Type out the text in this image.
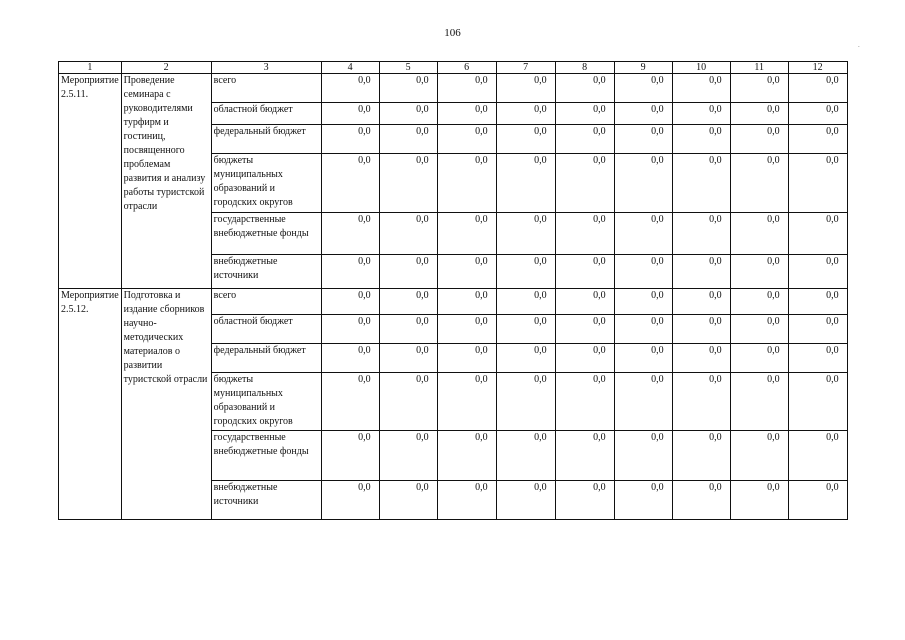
106
.
1	2	3	4	5	6	7	8	9	10	11	12
Мероприятие 2.5.11.	Проведение семинара с руководителями турфирм и гостиниц, посвященного проблемам развития и анализу работы туристской отрасли	всего	0,0	0,0	0,0	0,0	0,0	0,0	0,0	0,0	0,0
		областной бюджет	0,0	0,0	0,0	0,0	0,0	0,0	0,0	0,0	0,0
		федеральный бюджет	0,0	0,0	0,0	0,0	0,0	0,0	0,0	0,0	0,0
		бюджеты муниципальных образований и городских округов	0,0	0,0	0,0	0,0	0,0	0,0	0,0	0,0	0,0
		государственные внебюджетные фонды	0,0	0,0	0,0	0,0	0,0	0,0	0,0	0,0	0,0
		внебюджетные источники	0,0	0,0	0,0	0,0	0,0	0,0	0,0	0,0	0,0
Мероприятие 2.5.12.	Подготовка и издание сборников научно-методических материалов о развитии туристской отрасли	всего	0,0	0,0	0,0	0,0	0,0	0,0	0,0	0,0	0,0
		областной бюджет	0,0	0,0	0,0	0,0	0,0	0,0	0,0	0,0	0,0
		федеральный бюджет	0,0	0,0	0,0	0,0	0,0	0,0	0,0	0,0	0,0
		бюджеты муниципальных образований и городских округов	0,0	0,0	0,0	0,0	0,0	0,0	0,0	0,0	0,0
		государственные внебюджетные фонды	0,0	0,0	0,0	0,0	0,0	0,0	0,0	0,0	0,0
		внебюджетные источники	0,0	0,0	0,0	0,0	0,0	0,0	0,0	0,0	0,0
